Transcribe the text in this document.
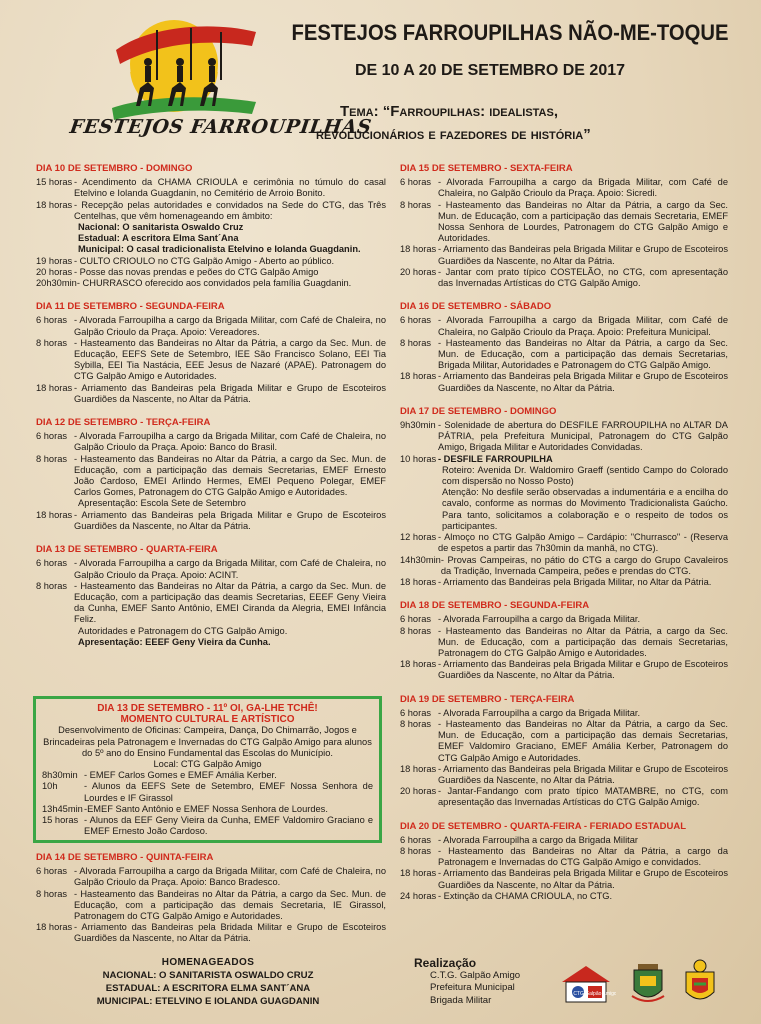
FESTEJOS FARROUPILHAS
FESTEJOS FARROUPILHAS NÃO-ME-TOQUE
DE 10 A 20 DE SETEMBRO DE 2017
Tema: “Farroupilhas: idealistas,
revolucionários e fazedores de história”
DIA 10 DE SETEMBRO - DOMINGO
15 horas - Acendimento da CHAMA CRIOULA e cerimônia no túmulo do casal Etelvino e Iolanda Guagdanin, no Cemitério de Arroio Bonito.
18 horas - Recepção pelas autoridades e convidados na Sede do CTG, das Três Centelhas, que vêm homenageando em âmbito:
Nacional: O sanitarista Oswaldo Cruz
Estadual: A escritora Elma Sant´Ana
Municipal: O casal tradicionalista Etelvino e Iolanda Guagdanin.
19 horas - CULTO CRIOULO no CTG Galpão Amigo - Aberto ao público.
20 horas - Posse das novas prendas e peões do CTG Galpão Amigo
20h30min - CHURRASCO oferecido aos convidados pela família Guagdanin.
DIA 11 DE SETEMBRO - SEGUNDA-FEIRA
6 horas - Alvorada Farroupilha a cargo da Brigada Militar, com Café de Chaleira, no Galpão Crioulo da Praça. Apoio: Vereadores.
8 horas - Hasteamento das Bandeiras no Altar da Pátria, a cargo da Sec. Mun. de Educação, EEFS Sete de Setembro, IEE São Francisco Solano, EEI Tia Sybilla, EEI Tia Nastácia, EEE Jesus de Nazaré (APAE). Patronagem do CTG Galpão Amigo e Autoridades.
18 horas - Arriamento das Bandeiras pela Brigada Militar e Grupo de Escoteiros Guardiões da Nascente, no Altar da Pátria.
DIA 12 DE SETEMBRO - TERÇA-FEIRA
6 horas - Alvorada Farroupilha a cargo da Brigada Militar, com Café de Chaleira, no Galpão Crioulo da Praça. Apoio: Banco do Brasil.
8 horas - Hasteamento das Bandeiras no Altar da Pátria, a cargo da Sec. Mun. de Educação, com a participação das demais Secretarias, EMEF Ernesto João Cardoso, EMEI Arlindo Hermes, EMEI Pequeno Polegar, EMEF Carlos Gomes, Patronagem do CTG Galpão Amigo e Autoridades.
Apresentação: Escola Sete de Setembro
18 horas - Arriamento das Bandeiras pela Brigada Militar e Grupo de Escoteiros Guardiões da Nascente, no Altar da Pátria.
DIA 13 DE SETEMBRO - QUARTA-FEIRA
6 horas - Alvorada Farroupilha a cargo da Brigada Militar, com Café de Chaleira, no Galpão Crioulo da Praça. Apoio: ACINT.
8 horas - Hasteamento das Bandeiras no Altar da Pátria, a cargo da Sec. Mun. de Educação, com a participação das deamis Secretarias, EEEF Geny Vieira da Cunha, EMEF Santo Antônio, EMEI Ciranda da Alegria, EMEI Infância Feliz.
Autoridades e Patronagem do CTG Galpão Amigo.
Apresentação: EEEF Geny Vieira da Cunha.
DIA 13 DE SETEMBRO - 11º OI, GA-LHE TCHÊ!
MOMENTO CULTURAL E ARTÍSTICO
Desenvolvimento de Oficinas: Campeira, Dança, Do Chimarrão, Jogos e Brincadeiras pela Patronagem e Invernadas do CTG Galpão Amigo para alunos do 5º ano do Ensino Fundamental das Escolas do Município.
Local: CTG Galpão Amigo
8h30min - EMEF Carlos Gomes e EMEF Amália Kerber.
10h	- Alunos da EEFS Sete de Setembro, EMEF Nossa Senhora de Lourdes e IF Girassol
13h45min -EMEF Santo Antônio e EMEF Nossa Senhora de Lourdes.
15 horas - Alunos da EEF Geny Vieira da Cunha, EMEF Valdomiro Graciano e EMEF Ernesto João Cardoso.
DIA 14 DE SETEMBRO - QUINTA-FEIRA
6 horas - Alvorada Farroupilha a cargo da Brigada Militar, com Café de Chaleira, no Galpão Crioulo da Praça. Apoio: Banco Bradesco.
8 horas - Hasteamento das Bandeiras no Altar da Pátria, a cargo da Sec. Mun. de Educação, com a participação das demais Secretaria, IE Girassol, Patronagem do CTG Galpão Amigo e Autoridades.
18 horas - Arriamento das Bandeiras pela Bridada Militar e Grupo de Escoteiros Guardiões da Nascente, no Altar da Pátria.
DIA 15 DE SETEMBRO - SEXTA-FEIRA
6 horas - Alvorada Farroupilha a cargo da Brigada Militar, com Café de Chaleira, no Galpão Crioulo da Praça. Apoio: Sicredi.
8 horas - Hasteamento das Bandeiras no Altar da Pátria, a cargo da Sec. Mun. de Educação, com a participação das demais Secretaria, EMEF Nossa Senhora de Lourdes, Patronagem do CTG Galpão Amigo e Autoridades.
18 horas - Arriamento das Bandeiras pela Brigada Militar e Grupo de Escoteiros Guardiões da Nascente, no Altar da Pátria.
20 horas - Jantar com prato típico COSTELÃO, no CTG, com apresentação das Invernadas Artísticas do CTG Galpão Amigo.
DIA 16 DE SETEMBRO - SÁBADO
6 horas - Alvorada Farroupilha a cargo da Brigada Militar, com Café de Chaleira, no Galpão Crioulo da Praça. Apoio: Prefeitura Municipal.
8 horas - Hasteamento das Bandeiras no Altar da Pátria, a cargo da Sec. Mun. de Educação, com a participação das demais Secretarias, Brigada Militar, Autoridades e Patronagem do CTG Galpão Amigo.
18 horas - Arriamento das Bandeiras pela Brigada Militar e Grupo de Escoteiros Guardiões da Nascente, no Altar da Pátria.
DIA 17 DE SETEMBRO - DOMINGO
9h30min - Solenidade de abertura do DESFILE FARROUPILHA no ALTAR DA PÁTRIA, pela Prefeitura Municipal, Patronagem do CTG Galpão Amigo, Brigada Militar e Autoridades Convidadas.
10 horas - DESFILE FARROUPILHA
Roteiro: Avenida Dr. Waldomiro Graeff (sentido Campo do Colorado com dispersão no Nosso Posto)
Atenção: No desfile serão observadas a indumentária e a encilha do cavalo, conforme as normas do Movimento Tradicionalista Gaúcho. Para tanto, solicitamos a colaboração e o respeito de todos os participantes.
12 horas - Almoço no CTG Galpão Amigo – Cardápio: "Churrasco" - (Reserva de espetos a partir das 7h30min da manhã, no CTG).
14h30min - Provas Campeiras, no pátio do CTG a cargo do Grupo Cavaleiros da Tradição, Invernada Campeira, peões e prendas do CTG.
18 horas - Arriamento das Bandeiras pela Brigada Militar, no Altar da Pátria.
DIA 18 DE SETEMBRO - SEGUNDA-FEIRA
6 horas - Alvorada Farroupilha a cargo da Brigada Militar.
8 horas - Hasteamento das Bandeiras no Altar da Pátria, a cargo da Sec. Mun. de Educação, com a participação das demais Secretarias, Patronagem do CTG Galpão Amigo e Autoridades.
18 horas - Arriamento das Bandeiras pela Brigada Militar e Grupo de Escoteiros Guardiões da Nascente, no Altar da Pátria.
DIA 19 DE SETEMBRO - TERÇA-FEIRA
6 horas - Alvorada Farroupilha a cargo da Brigada Militar.
8 horas - Hasteamento das Bandeiras no Altar da Pátria, a cargo da Sec. Mun. de Educação, com a participação das demais Secretarias, EMEF Valdomiro Graciano, EMEF Amália Kerber, Patronagem do CTG Galpão Amigo e Autoridades.
18 horas - Arriamento das Bandeiras pela Brigada Militar e Grupo de Escoteiros Guardiões da Nascente, no Altar da Pátria.
20 horas - Jantar-Fandango com prato típico MATAMBRE, no CTG, com apresentação das Invernadas Artísticas do CTG Galpão Amigo.
DIA 20 DE SETEMBRO - QUARTA-FEIRA - FERIADO ESTADUAL
6 horas - Alvorada Farroupilha a cargo da Brigada Militar
8 horas - Hasteamento das Bandeiras no Altar da Pátria, a cargo da Patronagem e Invernadas do CTG Galpão Amigo e convidados.
18 horas - Arriamento das Bandeiras pela Brigada Militar e Grupo de Escoteiros Guardiões da Nascente, no Altar da Pátria.
24 horas - Extinção da CHAMA CRIOULA, no CTG.
HOMENAGEADOS
NACIONAL: O SANITARISTA OSWALDO CRUZ
ESTADUAL: A ESCRITORA ELMA SANT´ANA
MUNICIPAL: ETELVINO E IOLANDA GUAGDANIN
Realização
C.T.G. Galpão Amigo
Prefeitura Municipal
Brigada Militar
CTG Galpão Amigo
